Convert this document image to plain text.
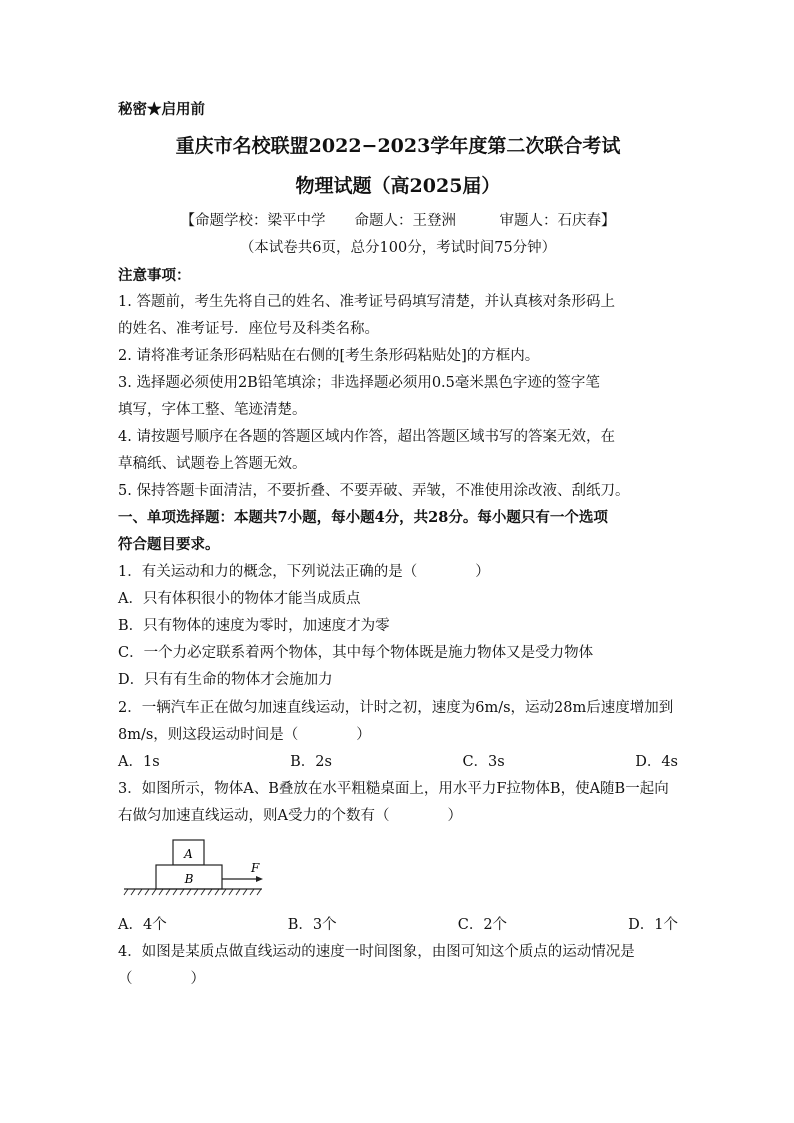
秘密★启用前
重庆市名校联盟2022−2023学年度第二次联合考试
物理试题（高2025届）
【命题学校：梁平中学　　命题人：王登洲　　　审题人：石庆春】
（本试卷共6页，总分100分，考试时间75分钟）
注意事项：
1. 答题前，考生先将自己的姓名、准考证号码填写清楚，并认真核对条形码上
的姓名、准考证号．座位号及科类名称。
2. 请将准考证条形码粘贴在右侧的[考生条形码粘贴处]的方框内。
3. 选择题必须使用2B铅笔填涂；非选择题必须用0.5毫米黑色字迹的签字笔
填写，字体工整、笔迹清楚。
4. 请按题号顺序在各题的答题区域内作答，超出答题区域书写的答案无效，在
草稿纸、试题卷上答题无效。
5. 保持答题卡面清洁，不要折叠、不要弄破、弄皱，不准使用涂改液、刮纸刀。
一、单项选择题：本题共7小题，每小题4分，共28分。每小题只有一个选项
符合题目要求。
1．有关运动和力的概念，下列说法正确的是（　　　　）
A．只有体积很小的物体才能当成质点
B．只有物体的速度为零时，加速度才为零
C．一个力必定联系着两个物体，其中每个物体既是施力物体又是受力物体
D．只有有生命的物体才会施加力
2．一辆汽车正在做匀加速直线运动，计时之初，速度为6m/s，运动28m后速度增加到
8m/s，则这段运动时间是（　　　　）
A．1s	B．2s	C．3s	D．4s
3．如图所示，物体A、B叠放在水平粗糙桌面上，用水平力F拉物体B，使A随B一起向
右做匀加速直线运动，则A受力的个数有（　　　　）
A
B
F
A．4个	B．3个	C．2个	D．1个
4．如图是某质点做直线运动的速度一时间图象，由图可知这个质点的运动情况是
（　　　　）
